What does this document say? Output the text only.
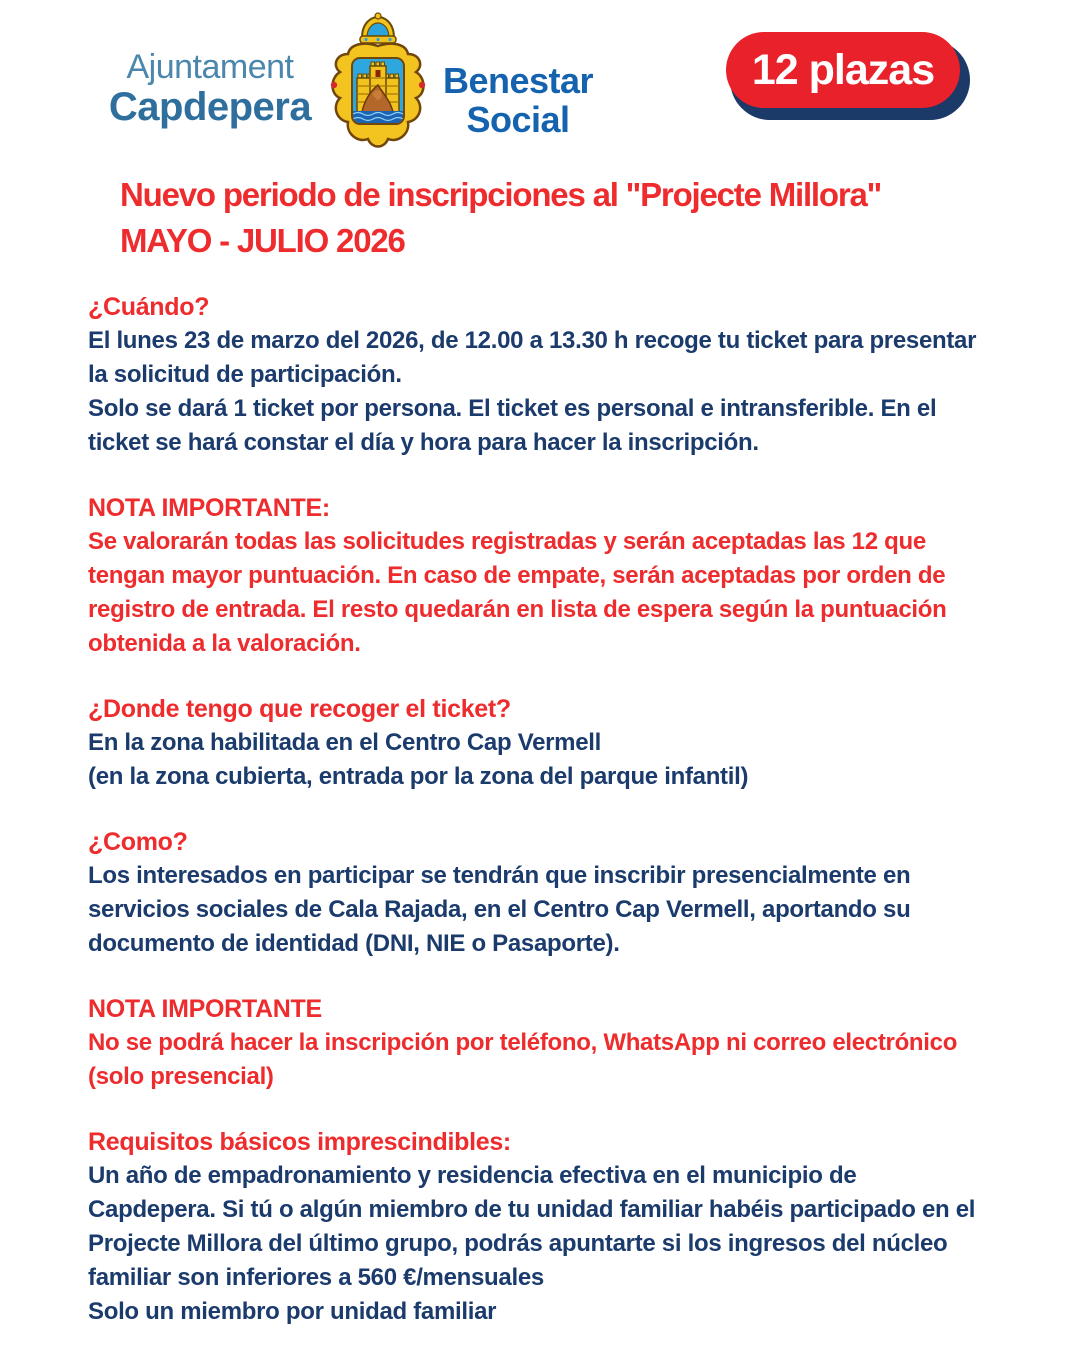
Ajuntament
Capdepera
Benestar
Social
12 plazas
Nuevo periodo de inscripciones al "Projecte Millora"
MAYO - JULIO 2026
¿Cuándo?

El lunes 23 de marzo del 2026, de 12.00 a 13.30 h recoge tu ticket para presentar la solicitud de participación.

Solo se dará 1 ticket por persona. El ticket es personal e intransferible. En el ticket se hará constar el día y hora para hacer la inscripción.

NOTA IMPORTANTE:

Se valorarán todas las solicitudes registradas y serán aceptadas las 12 que tengan mayor puntuación. En caso de empate, serán aceptadas por orden de registro de entrada. El resto quedarán en lista de espera según la puntuación obtenida a la valoración.

¿Donde tengo que recoger el ticket?

En la zona habilitada en el Centro Cap Vermell

(en la zona cubierta, entrada por la zona del parque infantil)

¿Como?

Los interesados en participar se tendrán que inscribir presencialmente en servicios sociales de Cala Rajada, en el Centro Cap Vermell, aportando su documento de identidad (DNI, NIE o Pasaporte).

NOTA IMPORTANTE

No se podrá hacer la inscripción por teléfono, WhatsApp ni correo electrónico (solo presencial)

Requisitos básicos imprescindibles:

Un año de empadronamiento y residencia efectiva en el municipio de Capdepera. Si tú o algún miembro de tu unidad familiar habéis participado en el Projecte Millora del último grupo, podrás apuntarte si los ingresos del núcleo familiar son inferiores a 560 €/mensuales

Solo un miembro por unidad familiar
